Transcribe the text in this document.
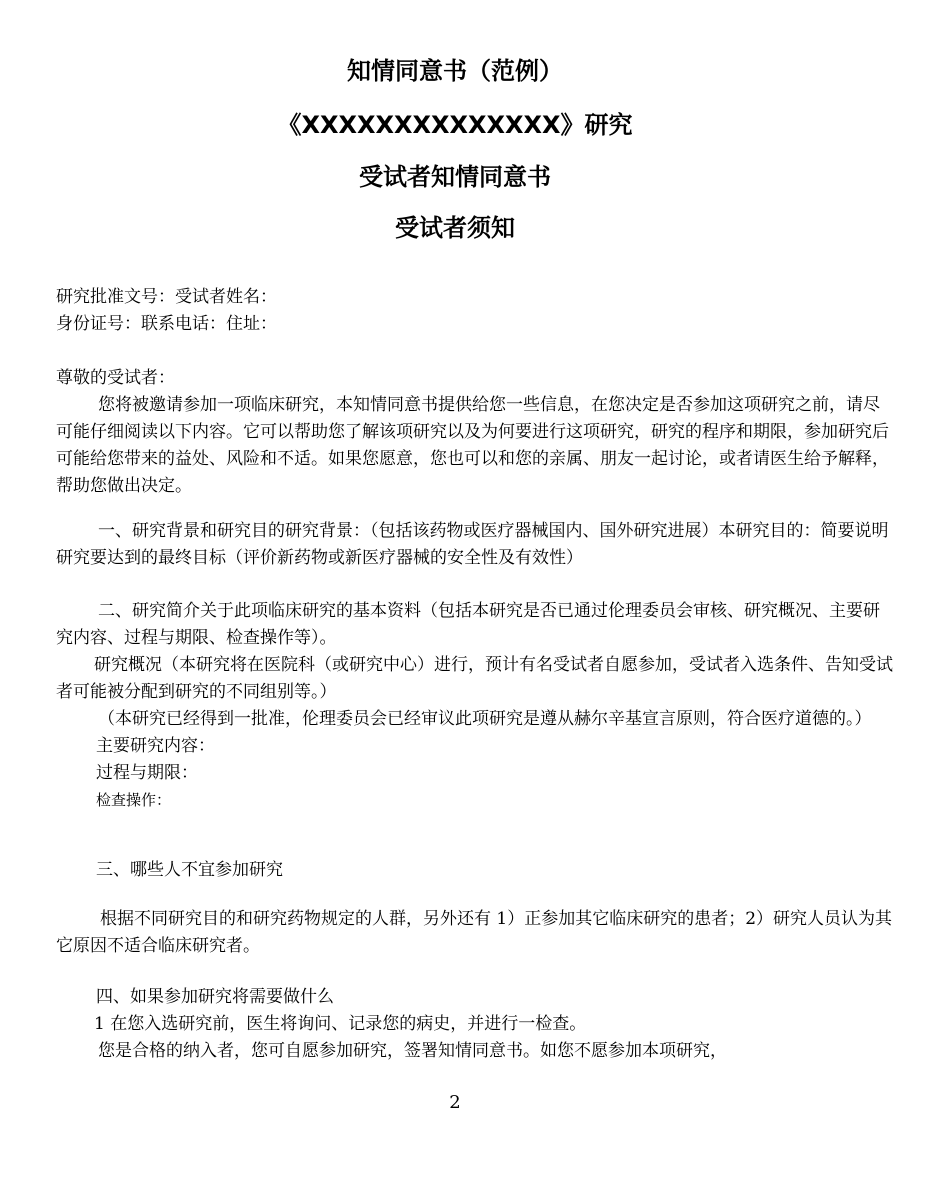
知情同意书（范例）
《XXXXXXXXXXXXXX》研究
受试者知情同意书
受试者须知

研究批准文号：受试者姓名：

身份证号：联系电话：住址：

尊敬的受试者：

您将被邀请参加一项临床研究，本知情同意书提供给您一些信息，在您决定是否参加这项研究之前，请尽可能仔细阅读以下内容。它可以帮助您了解该项研究以及为何要进行这项研究，研究的程序和期限，参加研究后可能给您带来的益处、风险和不适。如果您愿意，您也可以和您的亲属、朋友一起讨论，或者请医生给予解释，帮助您做出决定。

一、研究背景和研究目的研究背景：（包括该药物或医疗器械国内、国外研究进展）本研究目的：简要说明研究要达到的最终目标（评价新药物或新医疗器械的安全性及有效性）

二、研究简介关于此项临床研究的基本资料（包括本研究是否已通过伦理委员会审核、研究概况、主要研究内容、过程与期限、检查操作等）。

研究概况（本研究将在医院科（或研究中心）进行，预计有名受试者自愿参加，受试者入选条件、告知受试者可能被分配到研究的不同组别等。）

（本研究已经得到一批准，伦理委员会已经审议此项研究是遵从赫尔辛基宣言原则，符合医疗道德的。）

主要研究内容：

过程与期限：

检查操作：

三、哪些人不宜参加研究

根据不同研究目的和研究药物规定的人群，另外还有 1）正参加其它临床研究的患者；2）研究人员认为其它原因不适合临床研究者。

四、如果参加研究将需要做什么

1 在您入选研究前，医生将询问、记录您的病史，并进行一检查。

您是合格的纳入者，您可自愿参加研究，签署知情同意书。如您不愿参加本项研究，

2
